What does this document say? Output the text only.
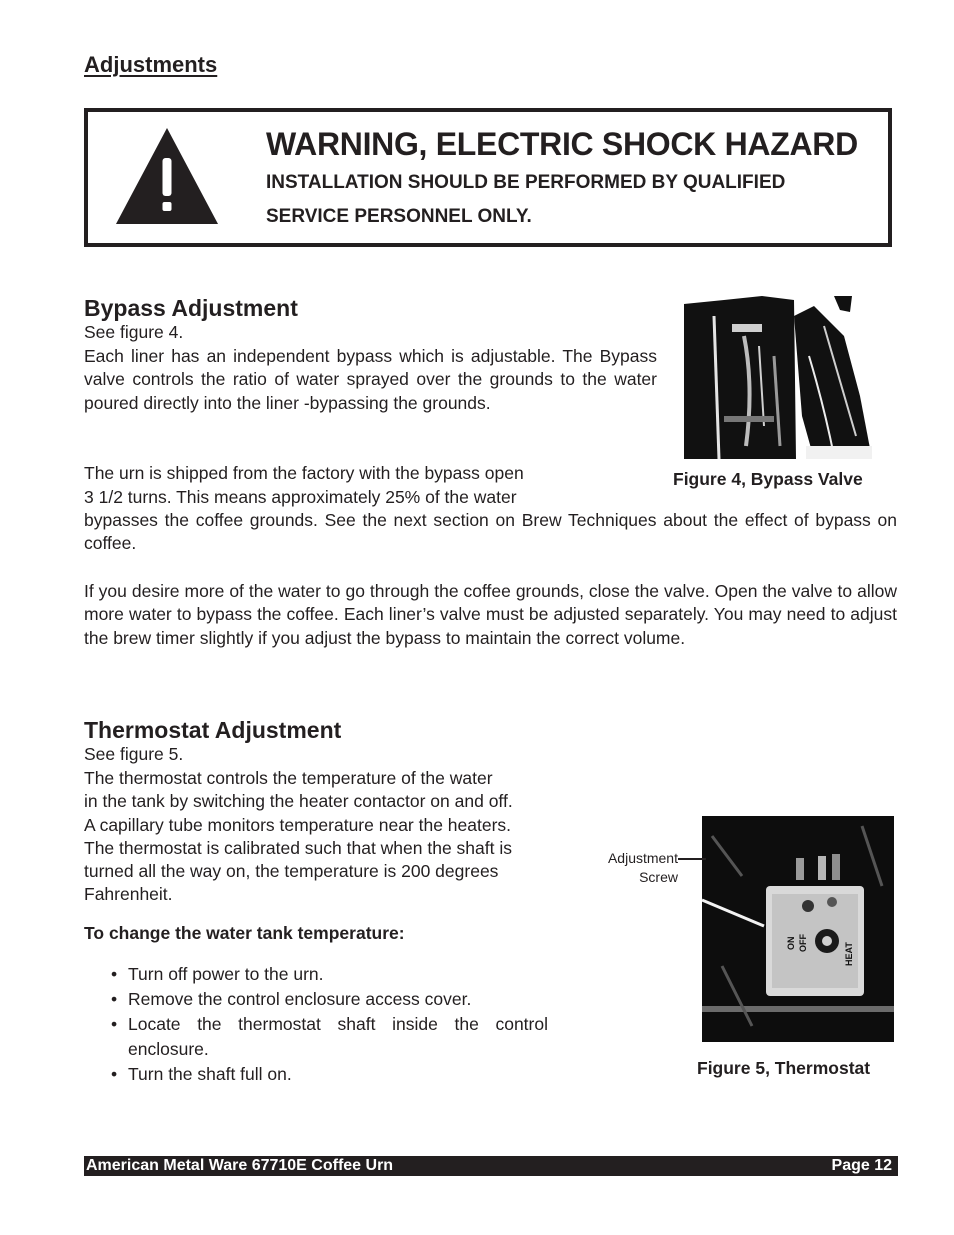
Adjustments
WARNING, ELECTRIC SHOCK HAZARD
INSTALLATION SHOULD BE PERFORMED BY QUALIFIED
SERVICE PERSONNEL ONLY.
Bypass Adjustment
See figure 4.
Each liner has an independent bypass which is adjustable. The Bypass valve controls the ratio of water sprayed over the grounds to the water poured directly into the liner -bypassing the grounds.
The urn is shipped from the factory with the bypass open
3 1/2 turns. This means approximately 25% of the water
bypasses the coffee grounds. See the next section on Brew Techniques about the effect of bypass on coffee.
If you desire more of the water to go through the coffee grounds, close the valve. Open the valve to allow more water to bypass the coffee. Each liner’s valve must be adjusted separately. You may need to adjust the brew timer slightly if you adjust the bypass to maintain the correct volume.
Figure 4, Bypass Valve
Thermostat Adjustment
See figure 5.
The thermostat controls the temperature of the water
in the tank by switching the heater contactor on and off.
A capillary tube monitors temperature near the heaters.
The thermostat is calibrated such that when the shaft is
turned all the way on, the temperature is 200 degrees
Fahrenheit.
To change the water tank temperature:
• Turn off power to the urn.
• Remove the control enclosure access cover.
• Locate the thermostat shaft inside the control enclosure.
• Turn the shaft full on.
Adjustment
Screw
ON OFF	HEAT
Figure 5, Thermostat
American Metal Ware 67710E Coffee Urn	Page 12
